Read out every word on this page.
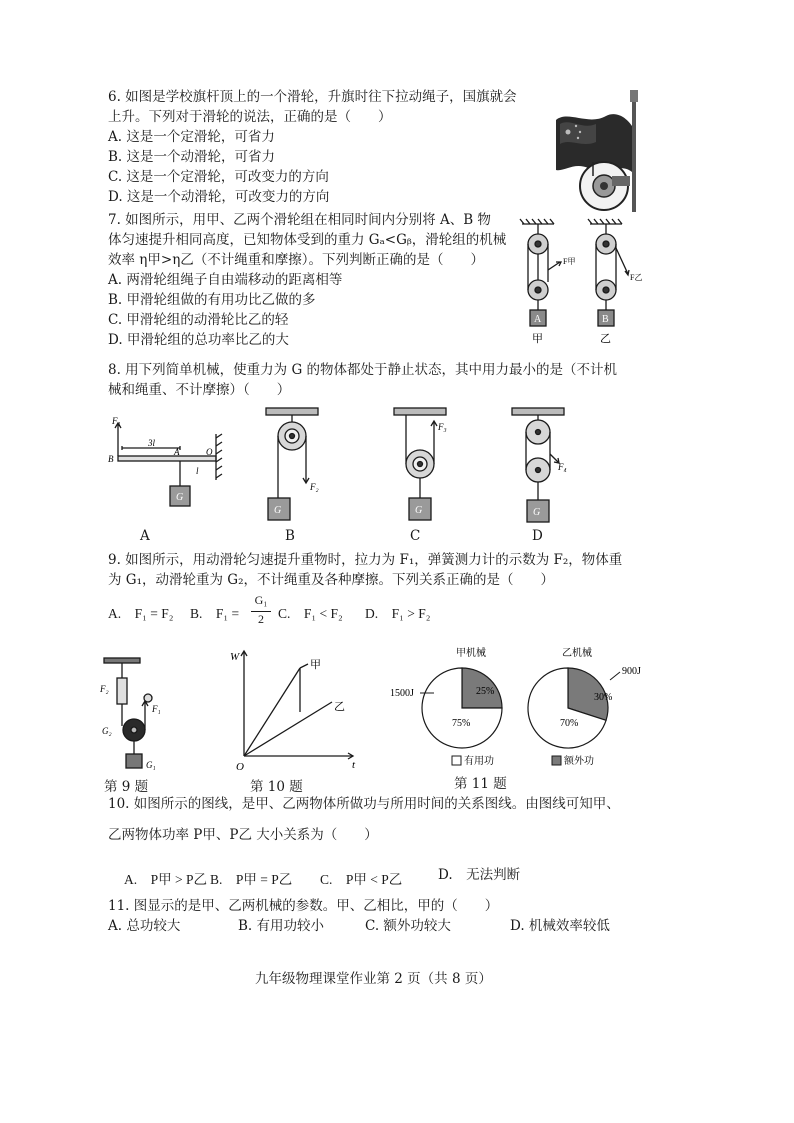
6. 如图是学校旗杆顶上的一个滑轮，升旗时往下拉动绳子，国旗就会
上升。下列对于滑轮的说法，正确的是（　　）
A. 这是一个定滑轮，可省力
B. 这是一个动滑轮，可省力
C. 这是一个定滑轮，可改变力的方向
D. 这是一个动滑轮，可改变力的方向
7. 如图所示，用甲、乙两个滑轮组在相同时间内分别将 A、B 物
体匀速提升相同高度，已知物体受到的重力 Gₐ<Gᵦ，滑轮组的机械
效率 η甲>η乙（不计绳重和摩擦）。下列判断正确的是（　　）
A. 两滑轮组绳子自由端移动的距离相等
B. 甲滑轮组做的有用功比乙做的多
C. 甲滑轮组的动滑轮比乙的轻
D. 甲滑轮组的总功率比乙的大
F甲
F乙
A	B
甲	乙
8. 用下列简单机械，使重力为 G 的物体都处于静止状态，其中用力最小的是（不计机
械和绳重、不计摩擦）（　　）
F₁
3l
B
A	O
l
G
F₂
G
F₃
G
F₄
G
A	B	C	D
9. 如图所示，用动滑轮匀速提升重物时，拉力为 F₁，弹簧测力计的示数为 F₂，物体重
为 G₁，动滑轮重为 G₂，不计绳重及各种摩擦。下列关系正确的是（　　）
A.　F₁ = F₂ B.　F₁ =
G₁
2	C.　F₁ < F₂ D.　F₁ > F₂
F₂
F₁
G₂
G₁
第 9 题
W
t
O
甲
乙
第 10 题
甲机械	乙机械
25%
75%
30%
70%
1500J
900J
有用功	额外功
第 11 题
10. 如图所示的图线，是甲、乙两物体所做功与所用时间的关系图线。由图线可知甲、
乙两物体功率 P甲、P乙 大小关系为（　　）
A.　P甲 > P乙 B.　P甲 = P乙 C.　P甲 < P乙	D.　无法判断
11. 图显示的是甲、乙两机械的参数。甲、乙相比，甲的（　　）
A. 总功较大	B. 有用功较小	C. 额外功较大	D. 机械效率较低
九年级物理课堂作业第 2 页（共 8 页）
